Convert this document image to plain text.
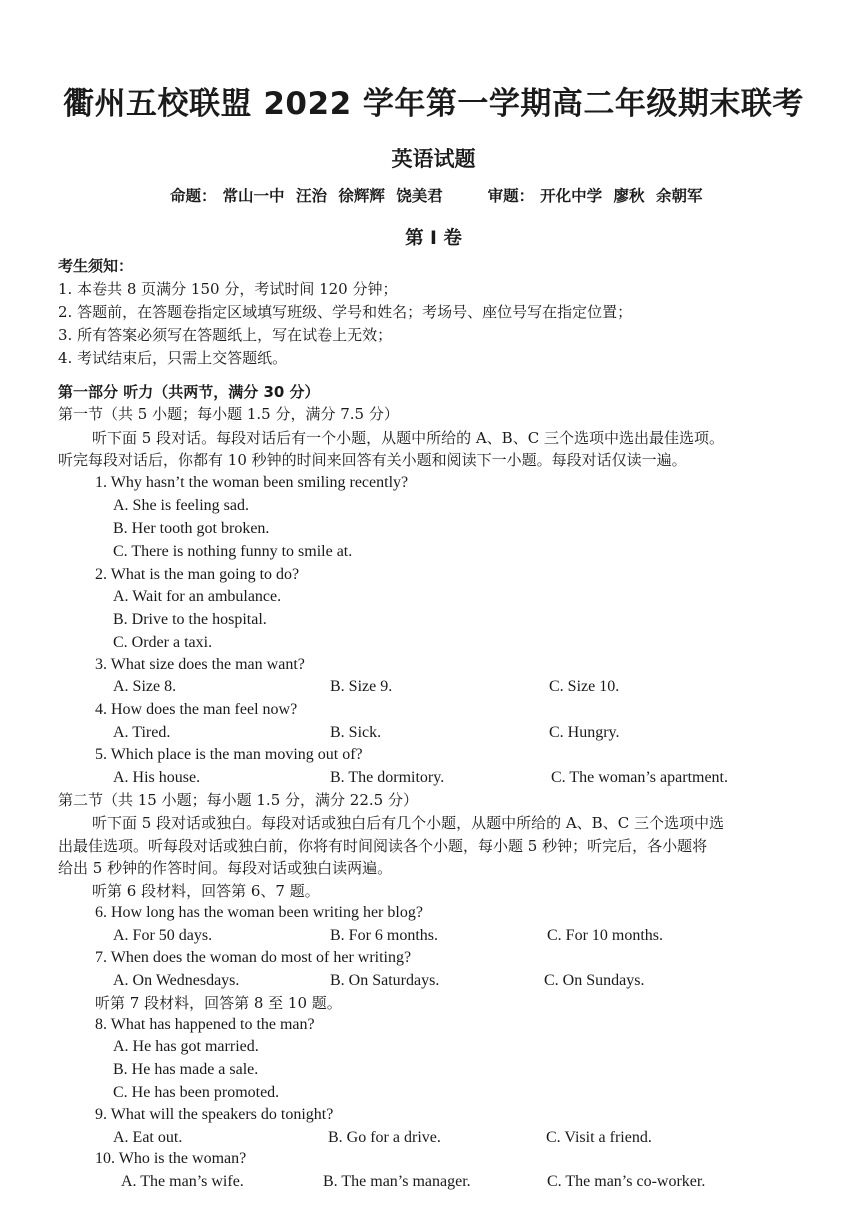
衢州五校联盟 2022 学年第一学期高二年级期末联考
英语试题
命题： 常山一中 汪治 徐辉辉 饶美君	审题： 开化中学 廖秋 余朝军
第 Ⅰ 卷
考生须知：
1. 本卷共 8 页满分 150 分，考试时间 120 分钟；
2. 答题前，在答题卷指定区域填写班级、学号和姓名；考场号、座位号写在指定位置；
3. 所有答案必须写在答题纸上，写在试卷上无效；
4. 考试结束后，只需上交答题纸。
第一部分 听力（共两节，满分 30 分）
第一节（共 5 小题；每小题 1.5 分，满分 7.5 分）
听下面 5 段对话。每段对话后有一个小题，从题中所给的 A、B、C 三个选项中选出最佳选项。
听完每段对话后，你都有 10 秒钟的时间来回答有关小题和阅读下一小题。每段对话仅读一遍。
1. Why hasn’t the woman been smiling recently?
A. She is feeling sad.
B. Her tooth got broken.
C. There is nothing funny to smile at.
2. What is the man going to do?
A. Wait for an ambulance.
B. Drive to the hospital.
C. Order a taxi.
3. What size does the man want?
A. Size 8.	B. Size 9.	C. Size 10.
4. How does the man feel now?
A. Tired.	B. Sick.	C. Hungry.
5. Which place is the man moving out of?
A. His house.	B. The dormitory.	C. The woman’s apartment.
第二节（共 15 小题；每小题 1.5 分，满分 22.5 分）
听下面 5 段对话或独白。每段对话或独白后有几个小题，从题中所给的 A、B、C 三个选项中选
出最佳选项。听每段对话或独白前，你将有时间阅读各个小题，每小题 5 秒钟；听完后，各小题将
给出 5 秒钟的作答时间。每段对话或独白读两遍。
听第 6 段材料，回答第 6、7 题。
6. How long has the woman been writing her blog?
A. For 50 days.	B. For 6 months.	C. For 10 months.
7. When does the woman do most of her writing?
A. On Wednesdays.	B. On Saturdays.	C. On Sundays.
听第 7 段材料，回答第 8 至 10 题。
8. What has happened to the man?
A. He has got married.
B. He has made a sale.
C. He has been promoted.
9. What will the speakers do tonight?
A. Eat out.	B. Go for a drive.	C. Visit a friend.
10. Who is the woman?
A. The man’s wife.	B. The man’s manager.	C. The man’s co-worker.
